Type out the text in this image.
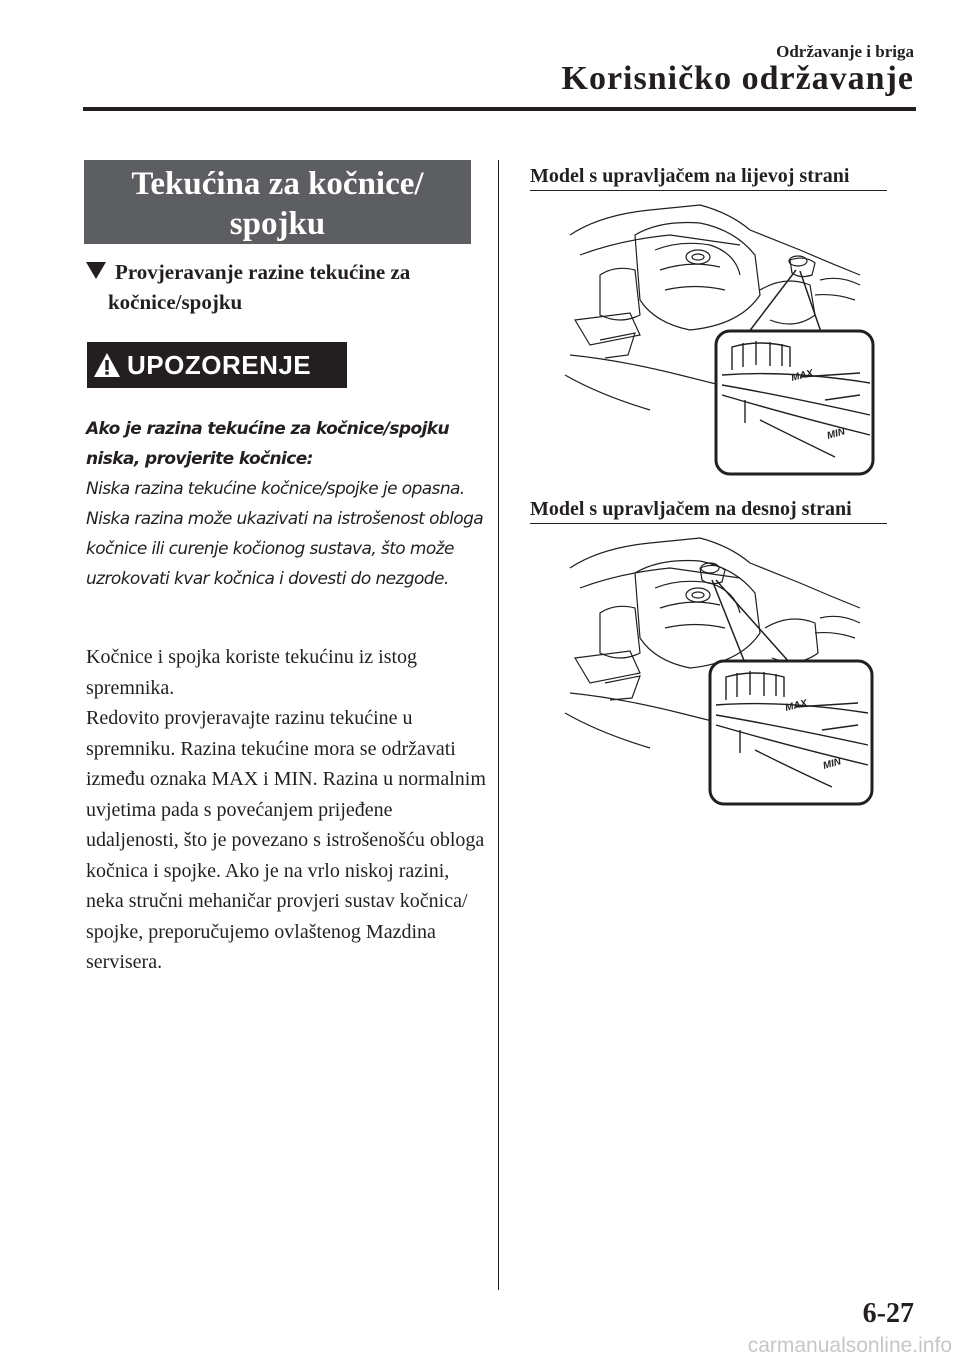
Održavanje i briga
Korisničko održavanje
Tekućina za kočnice/
spojku
Provjeravanje razine tekućine za
kočnice/spojku
UPOZORENJE

Ako je razina tekućine za kočnice/spojku niska, provjerite kočnice:

Niska razina tekućine kočnice/spojke je opasna.

Niska razina može ukazivati na istrošenost obloga kočnice ili curenje kočionog sustava, što može uzrokovati kvar kočnica i dovesti do nezgode.

Kočnice i spojka koriste tekućinu iz istog spremnika.

Redovito provjeravajte razinu tekućine u spremniku. Razina tekućine mora se održavati između oznaka MAX i MIN. Razina u normalnim uvjetima pada s povećanjem prijeđene udaljenosti, što je povezano s istrošenošću obloga kočnica i spojke. Ako je na vrlo niskoj razini, neka stručni mehaničar provjeri sustav kočnica/ spojke, preporučujemo ovlaštenog Mazdina servisera.

Model s upravljačem na lijevoj strani
MAX
MIN
Model s upravljačem na desnoj strani
MAX
MIN
6-27
carmanualsonline.info
